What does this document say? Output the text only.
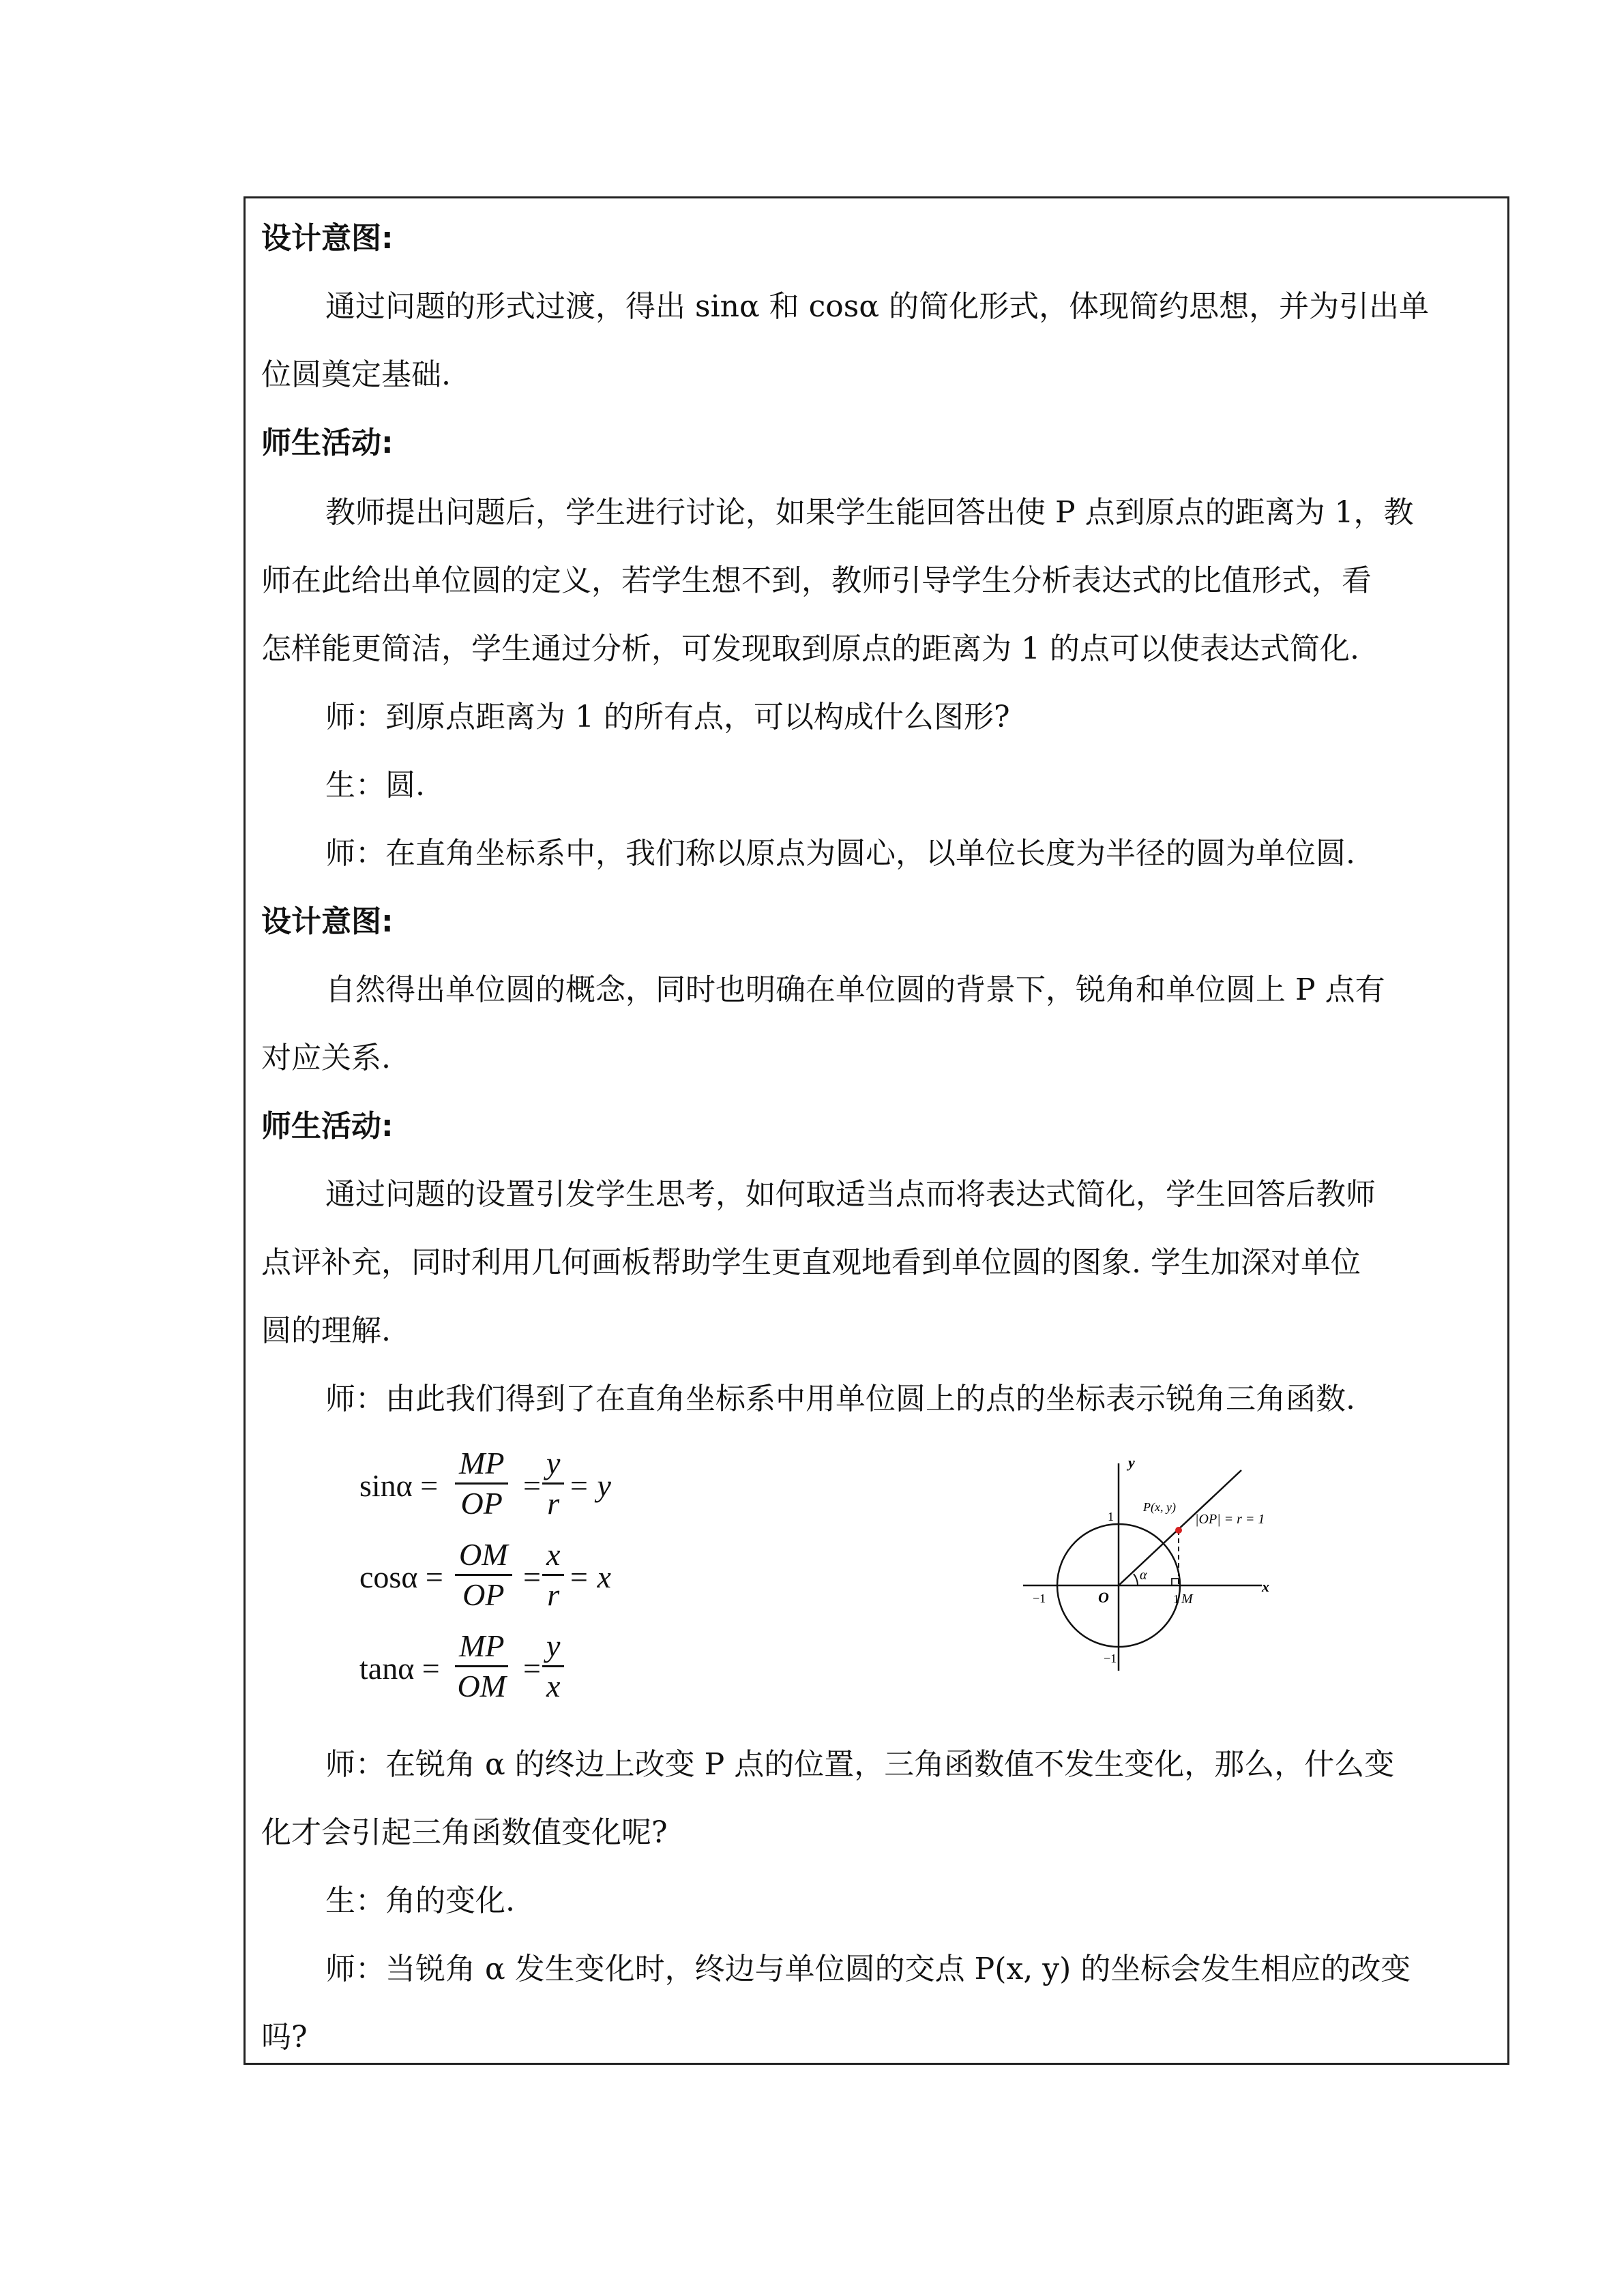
设计意图:
通过问题的形式过渡，得出 sinα 和 cosα 的简化形式，体现简约思想，并为引出单
位圆奠定基础.
师生活动:
教师提出问题后，学生进行讨论，如果学生能回答出使 P 点到原点的距离为 1，教
师在此给出单位圆的定义，若学生想不到，教师引导学生分析表达式的比值形式，看
怎样能更简洁，学生通过分析，可发现取到原点的距离为 1 的点可以使表达式简化.
师：到原点距离为 1 的所有点，可以构成什么图形?
生：圆.
师：在直角坐标系中，我们称以原点为圆心，以单位长度为半径的圆为单位圆.
设计意图:
自然得出单位圆的概念，同时也明确在单位圆的背景下，锐角和单位圆上 P 点有
对应关系.
师生活动:
通过问题的设置引发学生思考，如何取适当点而将表达式简化，学生回答后教师
点评补充，同时利用几何画板帮助学生更直观地看到单位圆的图象. 学生加深对单位
圆的理解.
师：由此我们得到了在直角坐标系中用单位圆上的点的坐标表示锐角三角函数.
$\sin\alpha = \frac{MP}{OP} = \frac{y}{r} = y$
$\cos\alpha = \frac{OM}{OP} = \frac{x}{r} = x$
$\tan\alpha = \frac{MP}{OM} = \frac{y}{x}$
y
x
O
P(x, y)
|OP| = r = 1
α
M
1
1
−1
−1
师：在锐角 α 的终边上改变 P 点的位置，三角函数值不发生变化，那么，什么变
化才会引起三角函数值变化呢?
生：角的变化.
师：当锐角 α 发生变化时，终边与单位圆的交点 P(x, y) 的坐标会发生相应的改变
吗?
